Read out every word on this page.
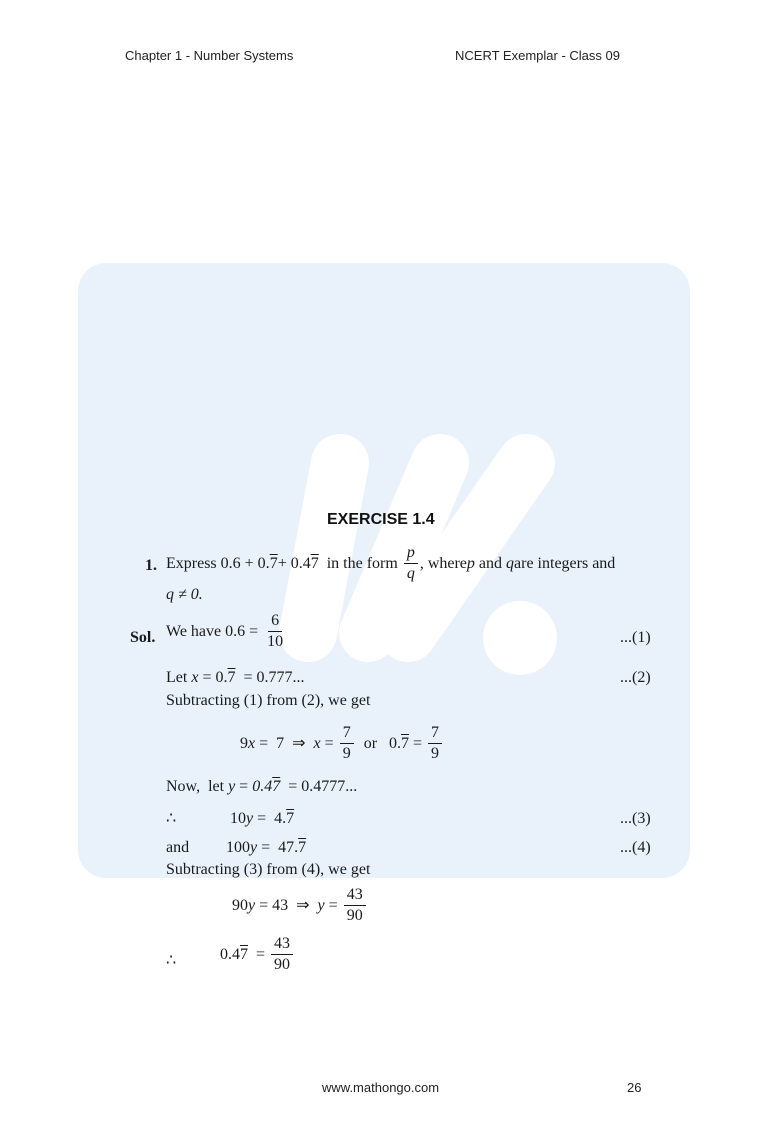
Chapter 1 - Number Systems	NCERT Exemplar - Class 09
EXERCISE 1.4
1. Express 0.6 + 0. 7 + 0.4 7 in the form $\frac{p}{q}$ , where p and q are integers and
q ≠ 0.
Sol. We have $0.6 = \frac{6}{10}$	...(1)
Let x = 0.7  = 0.777...	...(2)
Subtracting (1) from (2), we get
9 x =  7  ⇒ $x = \frac{7}{9}$ or   0. $7 = \frac{7}{9}$
Now,  let y = 0.47  = 0.4777...
∴	10y =  4.7	...(3)
and 100y =  47.7	...(4)
Subtracting (3) from (4), we get
90 y = 43  ⇒ $y = \frac{43}{90}$
∴	0.4 $7 = \frac{43}{90}$
www.mathongo.com	26
